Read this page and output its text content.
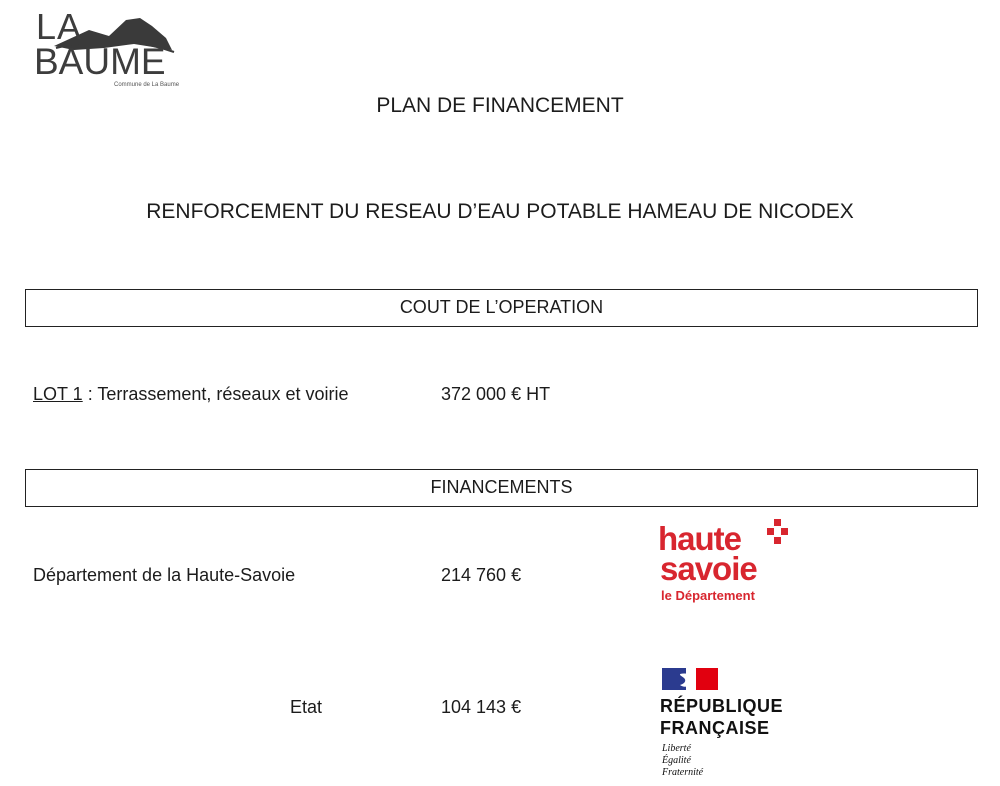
LA
BAUME
Commune de La Baume
PLAN DE FINANCEMENT
RENFORCEMENT DU RESEAU D’EAU POTABLE HAMEAU DE NICODEX
COUT DE L’OPERATION
LOT 1 : Terrassement, réseaux et voirie	372 000 € HT
FINANCEMENTS
Département de la Haute-Savoie	214 760 €
Etat	104 143 €
haute
savoie
le Département
RÉPUBLIQUE
FRANÇAISE
Liberté
Égalité
Fraternité
